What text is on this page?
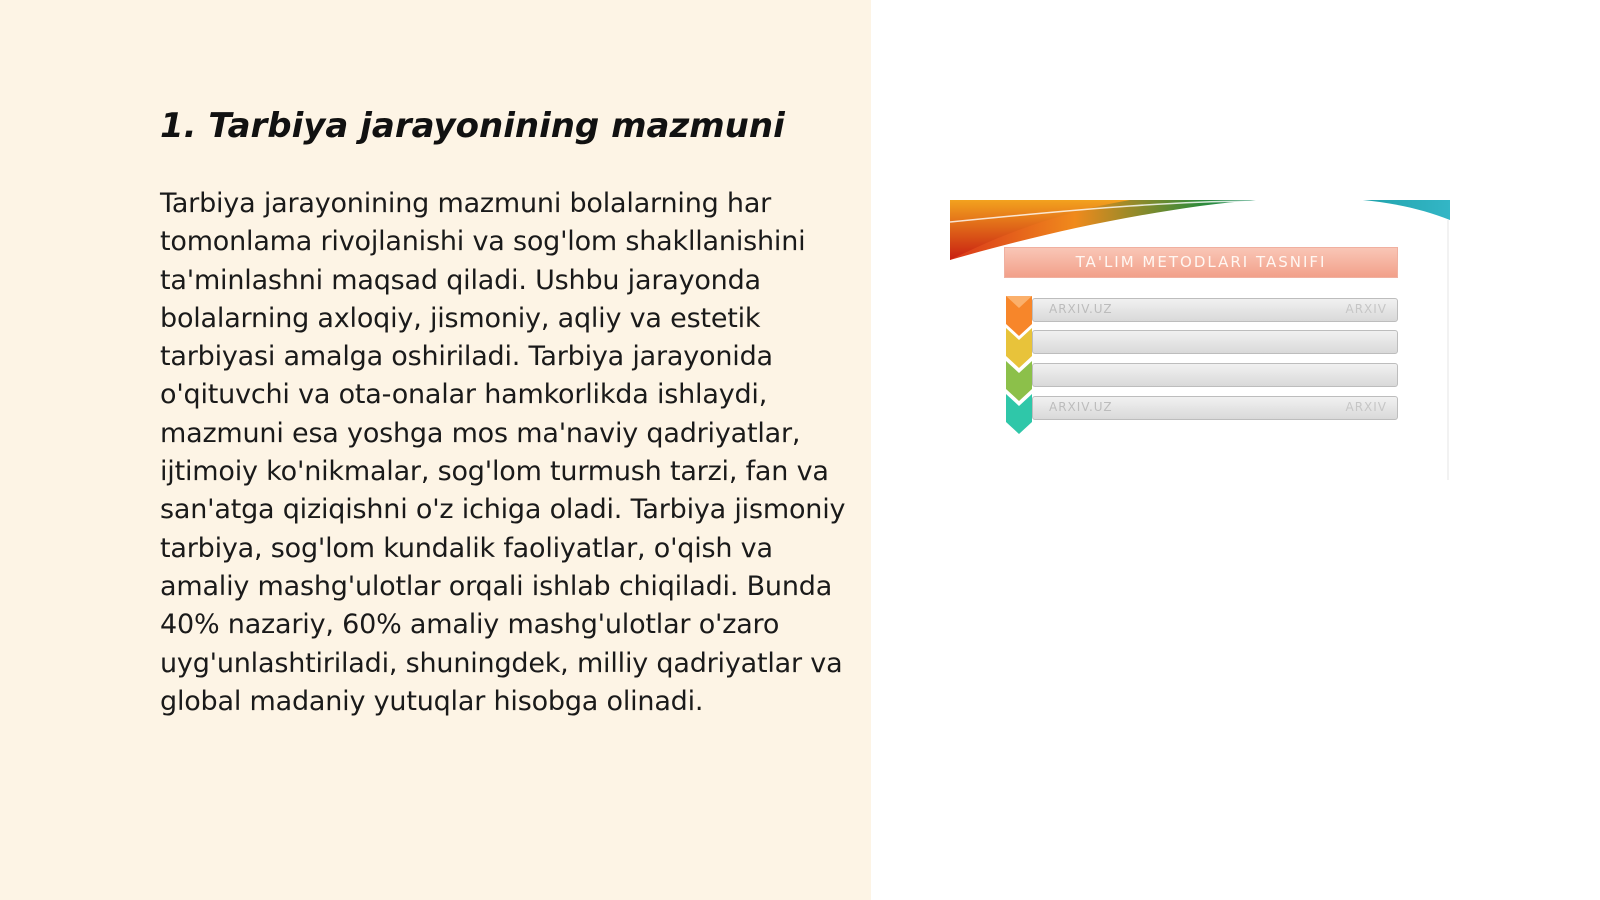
1. Tarbiya jarayonining mazmuni

Tarbiya jarayonining mazmuni bolalarning har tomonlama rivojlanishi va sog'lom shakllanishini ta'minlashni maqsad qiladi. Ushbu jarayonda bolalarning axloqiy, jismoniy, aqliy va estetik tarbiyasi amalga oshiriladi. Tarbiya jarayonida o'qituvchi va ota-onalar hamkorlikda ishlaydi, mazmuni esa yoshga mos ma'naviy qadriyatlar, ijtimoiy ko'nikmalar, sog'lom turmush tarzi, fan va san'atga qiziqishni o'z ichiga oladi. Tarbiya jismoniy tarbiya, sog'lom kundalik faoliyatlar, o'qish va amaliy mashg'ulotlar orqali ishlab chiqiladi. Bunda 40% nazariy, 60% amaliy mashg'ulotlar o'zaro uyg'unlashtiriladi, shuningdek, milliy qadriyatlar va global madaniy yutuqlar hisobga olinadi.

TA'LIM METODLARI TASNIFI
ARXIV.UZ	ARXIV
ARXIV.UZ	ARXIV
